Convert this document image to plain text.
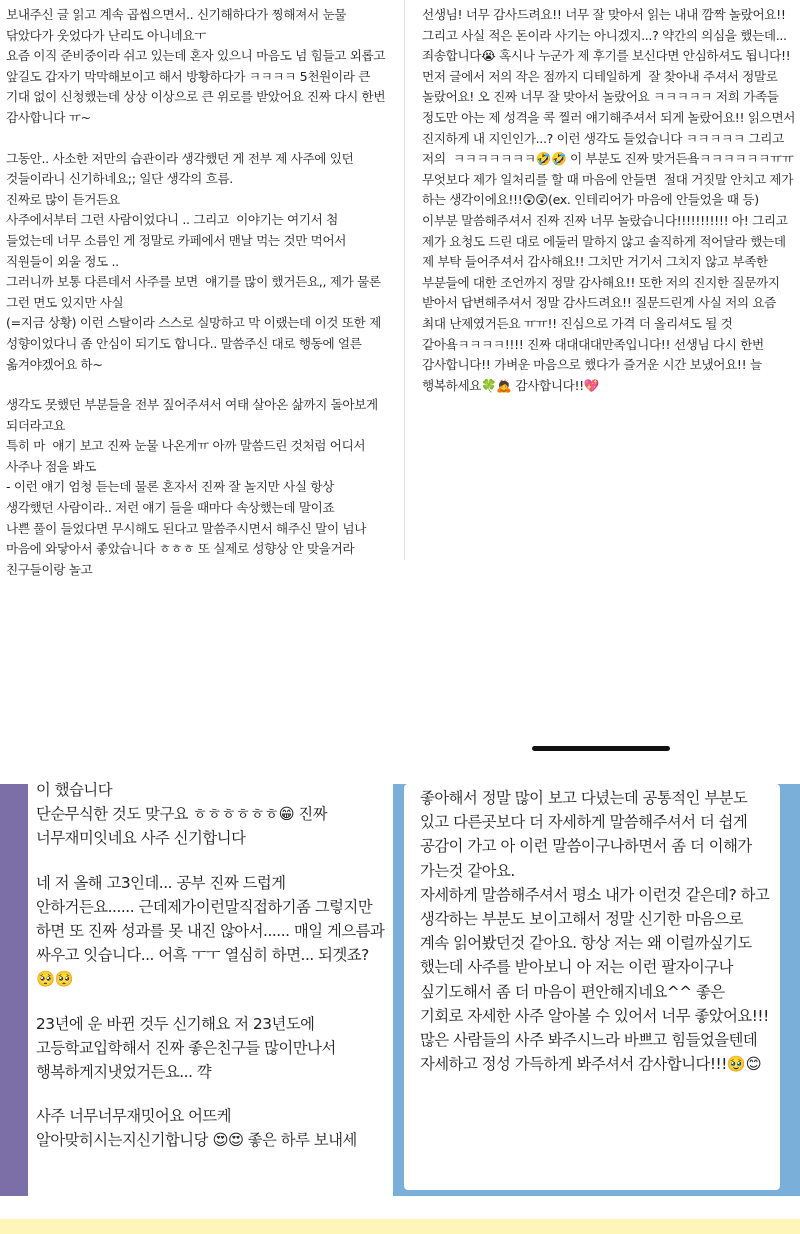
보내주신 글 읽고 계속 곱씹으면서.. 신기해하다가 찡해져서 눈물 닦았다가 웃었다가 난리도 아니네요ㅜ

요즘 이직 준비중이라 쉬고 있는데 혼자 있으니 마음도 넘 힘들고 외롭고 앞길도 갑자기 막막해보이고 해서 방황하다가 ㅋㅋㅋㅋ 5천원이라 큰 기대 없이 신청했는데 상상 이상으로 큰 위로를 받았어요 진짜 다시 한번 감사합니다 ㅠ~

그동안.. 사소한 저만의 습관이라 생각했던 게 전부 제 사주에 있던 것들이라니 신기하네요;; 일단 생각의 흐름.

진짜로 많이 듣거든요

사주에서부터 그런 사람이었다니 .. 그리고  이야기는 여기서 첨 들었는데 너무 소름인 게 정말로 카페에서 맨날 먹는 것만 먹어서 직원들이 외울 정도 ..

그러니까 보통 다른데서 사주를 보면  얘기를 많이 했거든요,, 제가 물론 그런 면도 있지만 사실

(=지금 상황) 이런 스탈이라 스스로 실망하고 막 이랬는데 이것 또한 제 성향이었다니 좀 안심이 되기도 합니다.. 말씀주신 대로 행동에 얼른 옮겨야겠어요 하~

생각도 못했던 부분들을 전부 짚어주셔서 여태 살아온 삶까지 돌아보게 되더라고요

특히 마  얘기 보고 진짜 눈물 나온게ㅠ 아까 말씀드린 것처럼 어디서 사주나 점을 봐도

- 이런 얘기 엄청 듣는데 물론 혼자서 진짜 잘 놀지만 사실 항상  생각했던 사람이라.. 저런 얘기 들을 때마다 속상했는데 말이죠

나쁜 풀이 들었다면 무시해도 된다고 말씀주시면서 해주신 말이 넘나 마음에 와닿아서 좋았습니다 ㅎㅎㅎ 또 실제로 성향상 안 맞을거라  친구들이랑 놀고

선생님! 너무 감사드려요!! 너무 잘 맞아서 읽는 내내 깜짝 놀랐어요!! 그리고 사실 적은 돈이라 사기는 아니겠지...? 약간의 의심을 했는데... 죄송합니다😭 혹시나 누군가 제 후기를 보신다면 안심하셔도 됩니다!! 먼저 글에서 저의 작은 점까지 디테일하게  잘 찾아내 주셔서 정말로 놀랐어요! 오 진짜 너무 잘 맞아서 놀랐어요 ㅋㅋㅋㅋㅋ 저희 가족들 정도만 아는 제 성격을 콕 찔러 얘기해주셔서 되게 놀랐어요!! 읽으면서 진지하게 내 지인인가...? 이런 생각도 들었습니다 ㅋㅋㅋㅋㅋ 그리고 저의  ㅋㅋㅋㅋㅋㅋㅋ🤣🤣 이 부분도 진짜 맞거든욬ㅋㅋㅋㅋㅋㅋㅠㅠ 무엇보다 제가 일처리를 할 때 마음에 안들면  절대 거짓말 안치고 제가 하는 생각이에요!!!😲😲(ex. 인테리어가 마음에 안들었을 때 등) 이부분 말씀해주셔서 진짜 진짜 너무 놀랐습니다!!!!!!!!!!! 아! 그리고 제가 요청도 드린 대로 에둘러 말하지 않고 솔직하게 적어달라 했는데 제 부탁 들어주셔서 감사해요!! 그치만 거기서 그치지 않고 부족한 부분들에 대한 조언까지 정말 감사해요!! 또한 저의 진지한 질문까지 받아서 답변해주셔서 정말 감사드려요!! 질문드린게 사실 저의 요즘 최대 난제였거든요 ㅠㅠ!! 진심으로 가격 더 올리셔도 될 것 같아욬ㅋㅋㅋㅋ!!!! 진짜 대대대대만족입니다!! 선생님 다시 한번 감사합니다!! 가벼운 마음으로 했다가 즐거운 시간 보냈어요!! 늘 행복하세요🍀🙇 감사합니다!!💖

이 했습니다

단순무식한 것도 맞구요 ㅎㅎㅎㅎㅎㅎ😁 진짜 너무재미잇네요 사주 신기합니다

네 저 올해 고3인데... 공부 진짜 드럽게 안하거든요...... 근데제가이런말직접하기좀 그렇지만 하면 또 진짜 성과를 못 내진 않아서...... 매일 게으름과 싸우고 잇습니다... 어흑 ㅜㅜ 열심히 하면... 되겟죠? 🥺🥺

23년에 운 바뀐 것두 신기해요 저 23년도에 고등학교입학해서 진짜 좋은친구들 많이만나서 행복하게지냇었거든요... 꺅

사주 너무너무재밋어요 어뜨케 알아맞히시는지신기합니당 😍😍 좋은 하루 보내세

좋아해서 정말 많이 보고 다녔는데 공통적인 부분도 있고 다른곳보다 더 자세하게 말씀해주셔서 더 쉽게 공감이 가고 아 이런 말씀이구나하면서 좀 더 이해가 가는것 같아요.

자세하게 말씀해주셔서 평소 내가 이런것 같은데? 하고 생각하는 부분도 보이고해서 정말 신기한 마음으로 계속 읽어봤던것 같아요. 항상 저는 왜 이럴까싶기도 했는데 사주를 받아보니 아 저는 이런 팔자이구나 싶기도해서 좀 더 마음이 편안해지네요^^ 좋은 기회로 자세한 사주 알아볼 수 있어서 너무 좋았어요!!!

많은 사람들의 사주 봐주시느라 바쁘고 힘들었을텐데 자세하고 정성 가득하게 봐주셔서 감사합니다!!!🥹😊
